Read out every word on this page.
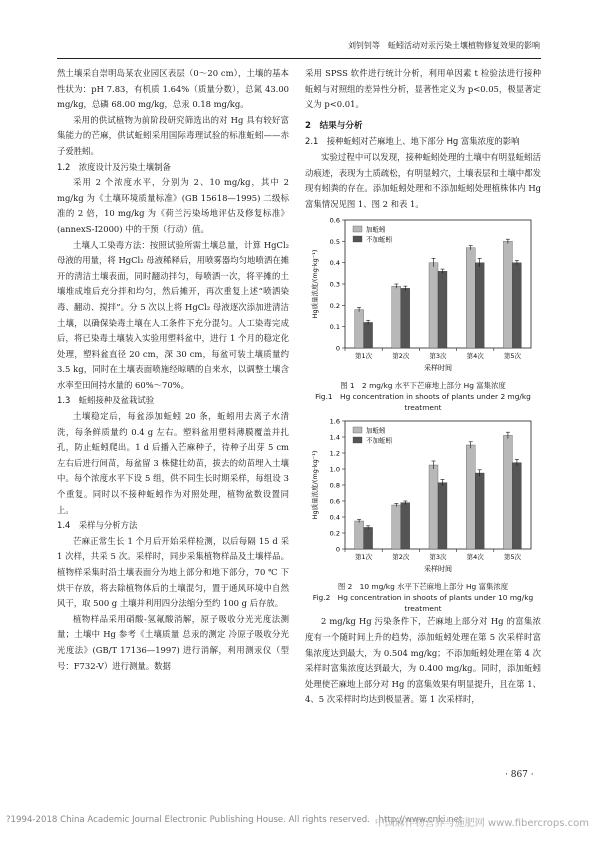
刘钊钊等　蚯蚓活动对汞污染土壤植物修复效果的影响

然土壤采自崇明岛某农业园区表层（0～20 cm），土壤的基本性状为：pH 7.83，有机质 1.64%（质量分数），总氮 43.00 mg/kg，总磷 68.00 mg/kg，总汞 0.18 mg/kg。

采用的供试植物为前阶段研究筛选出的对 Hg 具有较好富集能力的芒麻，供试蚯蚓采用国际毒理试验的标准蚯蚓——赤子爱胜蚓。

1.2　浓度设计及污染土壤制备

采用 2 个浓度水平，分别为 2、10 mg/kg，其中 2 mg/kg 为《土壤环境质量标准》(GB 15618—1995) 二级标准的 2 倍，10 mg/kg 为《荷兰污染场地评估及修复标准》(annexS-I2000) 中的干预（行动）值。

土壤人工染毒方法：按照试验所需土壤总量，计算 HgCl₂ 母液的用量，将 HgCl₂ 母液稀释后，用喷雾器均匀地喷洒在摊开的清洁土壤表面，同时翻动拌匀，每喷洒一次，将平摊的土壤堆成堆后充分拌和均匀，然后摊开，再次重复上述“喷洒染毒、翻动、搅拌”。分 5 次以上将 HgCl₂ 母液逐次添加进清洁土壤，以确保染毒土壤在人工条件下充分混匀。人工染毒完成后，将已染毒土壤装入实验用塑料盆中，进行 1 个月的稳定化处理，塑料盆直径 20 cm，深 30 cm，每盆可装土壤质量约 3.5 kg，同时在土壤表面喷施经晾晒的自来水，以调整土壤含水率至田间持水量的 60%～70%。

1.3　蚯蚓接种及盆栽试验

土壤稳定后，每盆添加蚯蚓 20 条，蚯蚓用去离子水清洗，每条鲜质量约 0.4 g 左右。塑料盆用塑料薄膜覆盖并扎孔，防止蚯蚓爬出。1 d 后播入芒麻种子，待种子出芽 5 cm 左右后进行间苗，每盆留 3 株健壮幼苗，拔去的幼苗埋入土壤中。每个浓度水平下设 5 组，供不同生长时期采样，每组设 3 个重复。同时以不接种蚯蚓作为对照处理，植物盆数设置同上。

1.4　采样与分析方法

芒麻正常生长 1 个月后开始采样检测，以后每隔 15 d 采 1 次样，共采 5 次。采样时，同步采集植物样品及土壤样品。植物样采集时沿土壤表面分为地上部分和地下部分，70 ℃ 下烘干存放，将去除植物体后的土壤混匀，置于通风环境中自然风干，取 500 g 土壤并利用四分法缩分至约 100 g 后存放。

植物样品采用硝酸-氢氟酸消解，原子吸收分光光度法测量；土壤中 Hg 参考《土壤质量 总汞的测定 冷原子吸收分光光度法》(GB/T 17136—1997) 进行消解，利用测汞仪（型号：F732-V）进行测量。数据

采用 SPSS 软件进行统计分析，利用单因素 t 检验法进行接种蚯蚓与对照组的差异性分析，显著性定义为 p<0.05，极显著定义为 p<0.01。

2　结果与分析

2.1　接种蚯蚓对芒麻地上、地下部分 Hg 富集浓度的影响

实验过程中可以发现，接种蚯蚓处理的土壤中有明显蚯蚓活动痕迹，表现为土质疏松，有明显蚓穴，土壤表层和土壤中都发现有蚓粪的存在。添加蚯蚓处理和不添加蚯蚓处理植株体内 Hg 富集情况见图 1、图 2 和表 1。

0
0.1
0.2
0.3
0.4
0.5
0.6
Hg质量浓度/(mg·kg⁻¹)
第1次	第2次	第3次	第4次	第5次
采样时间
加蚯蚓
不加蚯蚓
图 1　2 mg/kg 水平下芒麻地上部分 Hg 富集浓度
Fig.1　Hg concentration in shoots of plants under 2 mg/kg treatment
0
0.2
0.4
0.6
0.8
1.0
1.2
1.4
1.6
Hg质量浓度/(mg·kg⁻¹)
第1次	第2次	第3次	第4次	第5次
采样时间
加蚯蚓
不加蚯蚓
图 2　10 mg/kg 水平下芒麻地上部分 Hg 富集浓度
Fig.2　Hg concentration in shoots of plants under 10 mg/kg treatment

2 mg/kg Hg 污染条件下，芒麻地上部分对 Hg 的富集浓度有一个随时间上升的趋势，添加蚯蚓处理在第 5 次采样时富集浓度达到最大，为 0.504 mg/kg；不添加蚯蚓处理在第 4 次采样时富集浓度达到最大，为 0.400 mg/kg。同时，添加蚯蚓处理使芒麻地上部分对 Hg 的富集效果有明显提升，且在第 1、4、5 次采样时均达到极显著。第 1 次采样时，

· 867 ·
?1994-2018 China Academic Journal Electronic Publishing House. All rights reserved.　http://www.cnki.net
中国麻作物营养与施肥网 www.fibercrops.com
